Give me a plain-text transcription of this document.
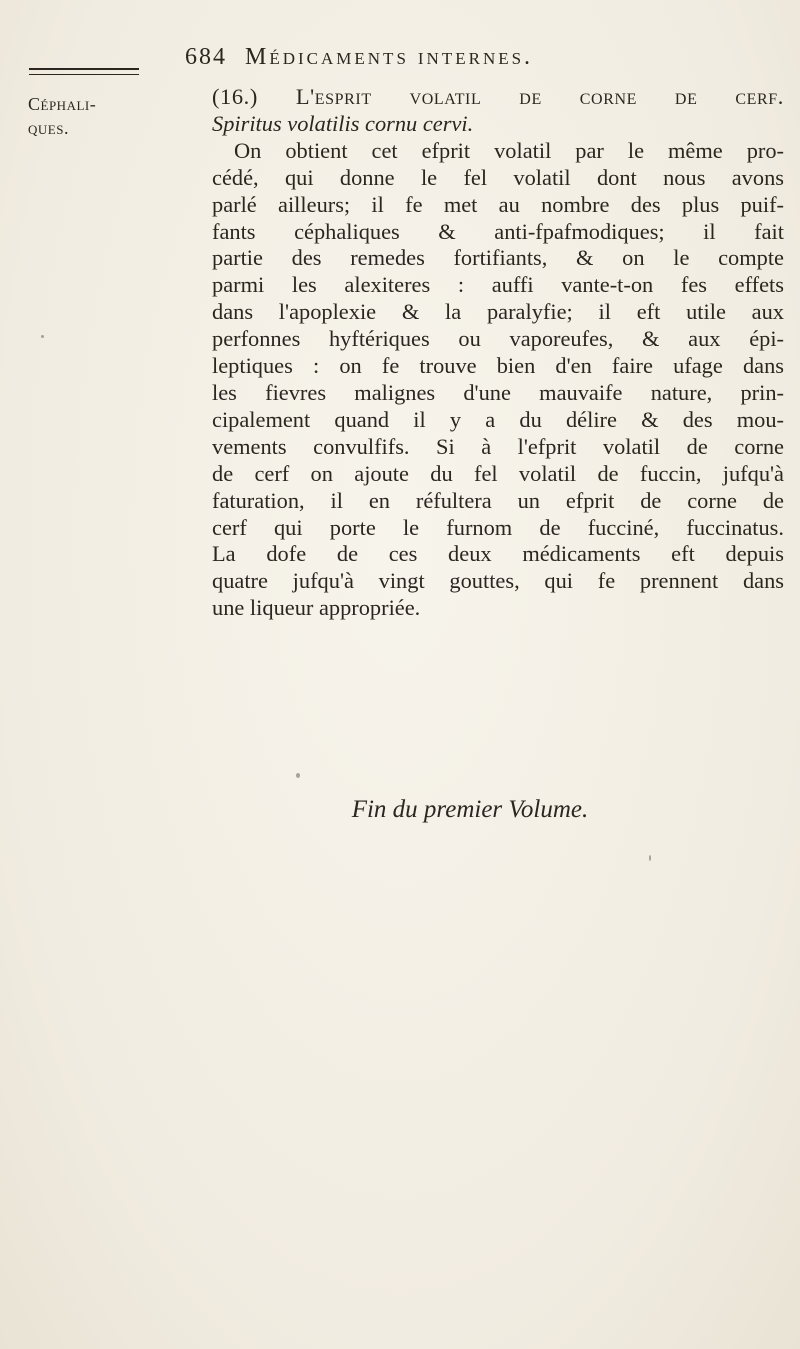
684 Médicaments internes.
Céphali-
ques.
(16.) L'esprit volatil de corne de cerf.
Spiritus volatilis cornu cervi.
On obtient cet efprit volatil par le même pro-
cédé, qui donne le fel volatil dont nous avons
parlé ailleurs; il fe met au nombre des plus puif-
fants céphaliques & anti-fpafmodiques; il fait
partie des remedes fortifiants, & on le compte
parmi les alexiteres : auffi vante-t-on fes effets
dans l'apoplexie & la paralyfie; il eft utile aux
perfonnes hyftériques ou vaporeufes, & aux épi-
leptiques : on fe trouve bien d'en faire ufage dans
les fievres malignes d'une mauvaife nature, prin-
cipalement quand il y a du délire & des mou-
vements convulfifs. Si à l'efprit volatil de corne
de cerf on ajoute du fel volatil de fuccin, jufqu'à
faturation, il en réfultera un efprit de corne de
cerf qui porte le furnom de fucciné, fuccinatus.
La dofe de ces deux médicaments eft depuis
quatre jufqu'à vingt gouttes, qui fe prennent dans
une liqueur appropriée.
Fin du premier Volume.
